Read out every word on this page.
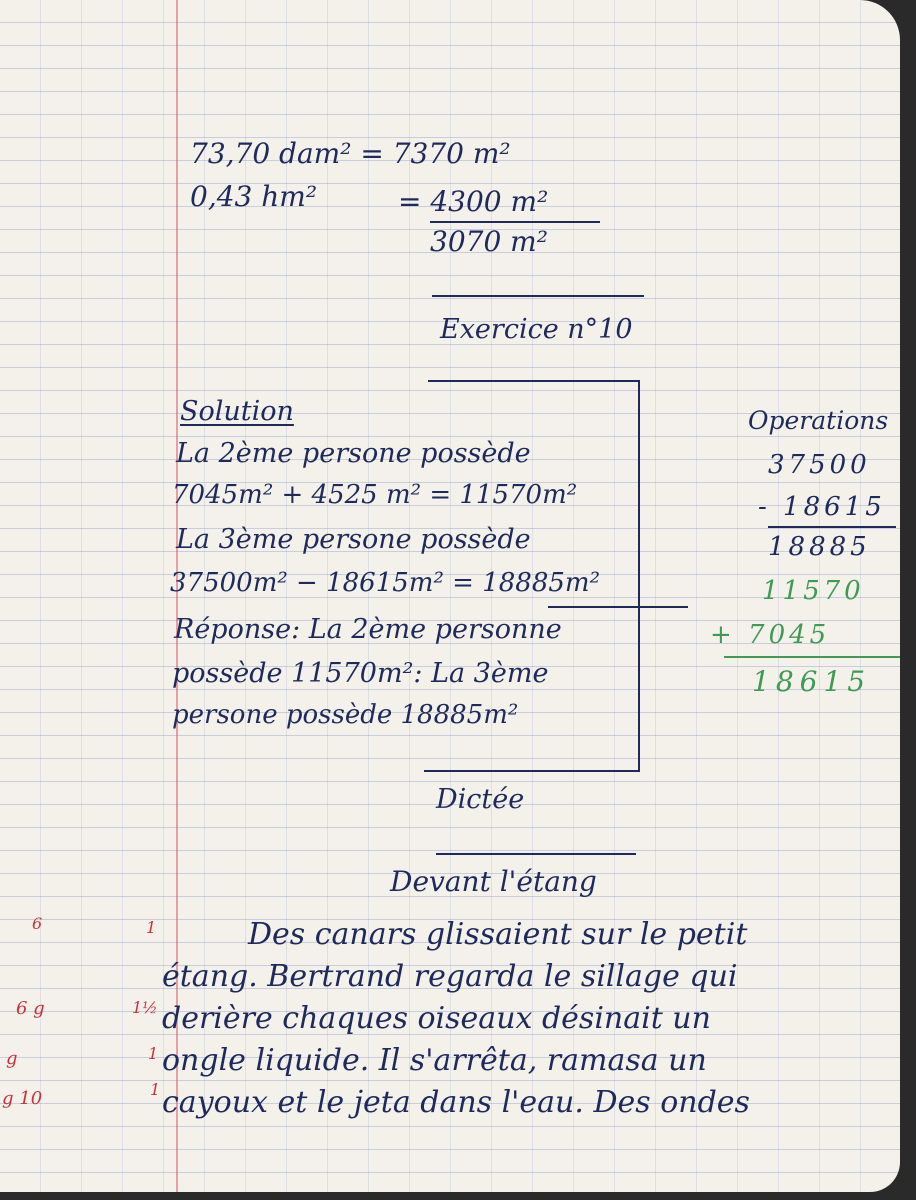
73,70 dam² = 7370 m²
0,43 hm²	= 4300 m²
3070 m²
Exercice n°10
Solution
La 2ème persone possède
7045m² + 4525 m² = 11570m²
La 3ème persone possède
37500m² − 18615m² = 18885m²
Réponse: La 2ème personne
possède 11570m²: La 3ème
persone possède 18885m²
Operations
37500
- 18615
18885
11570
+ 7045
18615
Dictée
Devant l'étang
Des canars glissaient sur le petit
étang. Bertrand regarda le sillage qui
derière chaques oiseaux désinait un
ongle liquide. Il s'arrêta, ramasa un
cayoux et le jeta dans l'eau. Des ondes
6	1
6 g	1½
g	1
g 10	1
